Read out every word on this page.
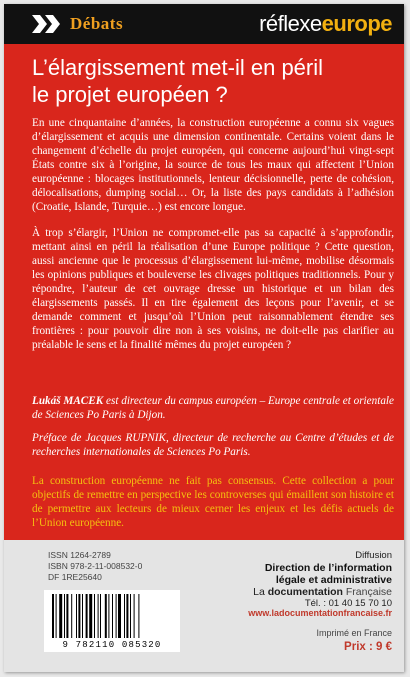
Débats	réflexeeurope
L’élargissement met-il en péril
le projet européen ?
En une cinquantaine d’années, la construction européenne a connu six vagues d’élargissement et acquis une dimension continentale. Certains voient dans le changement d’échelle du projet européen, qui concerne aujourd’hui vingt-sept États contre six à l’origine, la source de tous les maux qui affectent l’Union européenne : blocages institutionnels, lenteur décisionnelle, perte de cohésion, délocalisations, dumping social… Or, la liste des pays candidats à l’adhésion (Croatie, Islande, Turquie…) est encore longue.
À trop s’élargir, l’Union ne compromet-elle pas sa capacité à s’approfondir, mettant ainsi en péril la réalisation d’une Europe politique ? Cette question, aussi ancienne que le processus d’élargissement lui-même, mobilise désormais les opinions publiques et bouleverse les clivages politiques traditionnels. Pour y répondre, l’auteur de cet ouvrage dresse un historique et un bilan des élargissements passés. Il en tire également des leçons pour l’avenir, et se demande comment et jusqu’où l’Union peut raisonnablement étendre ses frontières : pour pouvoir dire non à ses voisins, ne doit-elle pas clarifier au préalable le sens et la finalité mêmes du projet européen ?
Lukáš MACEK est directeur du campus européen – Europe centrale et orientale de Sciences Po Paris à Dijon.
Préface de Jacques RUPNIK, directeur de recherche au Centre d’études et de recherches internationales de Sciences Po Paris.
La construction européenne ne fait pas consensus. Cette collection a pour objectifs de remettre en perspective les controverses qui émaillent son histoire et de permettre aux lecteurs de mieux cerner les enjeux et les défis actuels de l’Union européenne.
ISSN 1264-2789
ISBN 978-2-11-008532-0
DF 1RE25640
9 782110 085320
Diffusion
Direction de l’information
légale et administrative
La documentation Française
Tél. : 01 40 15 70 10
www.ladocumentationfrancaise.fr
Imprimé en France
Prix : 9 €
